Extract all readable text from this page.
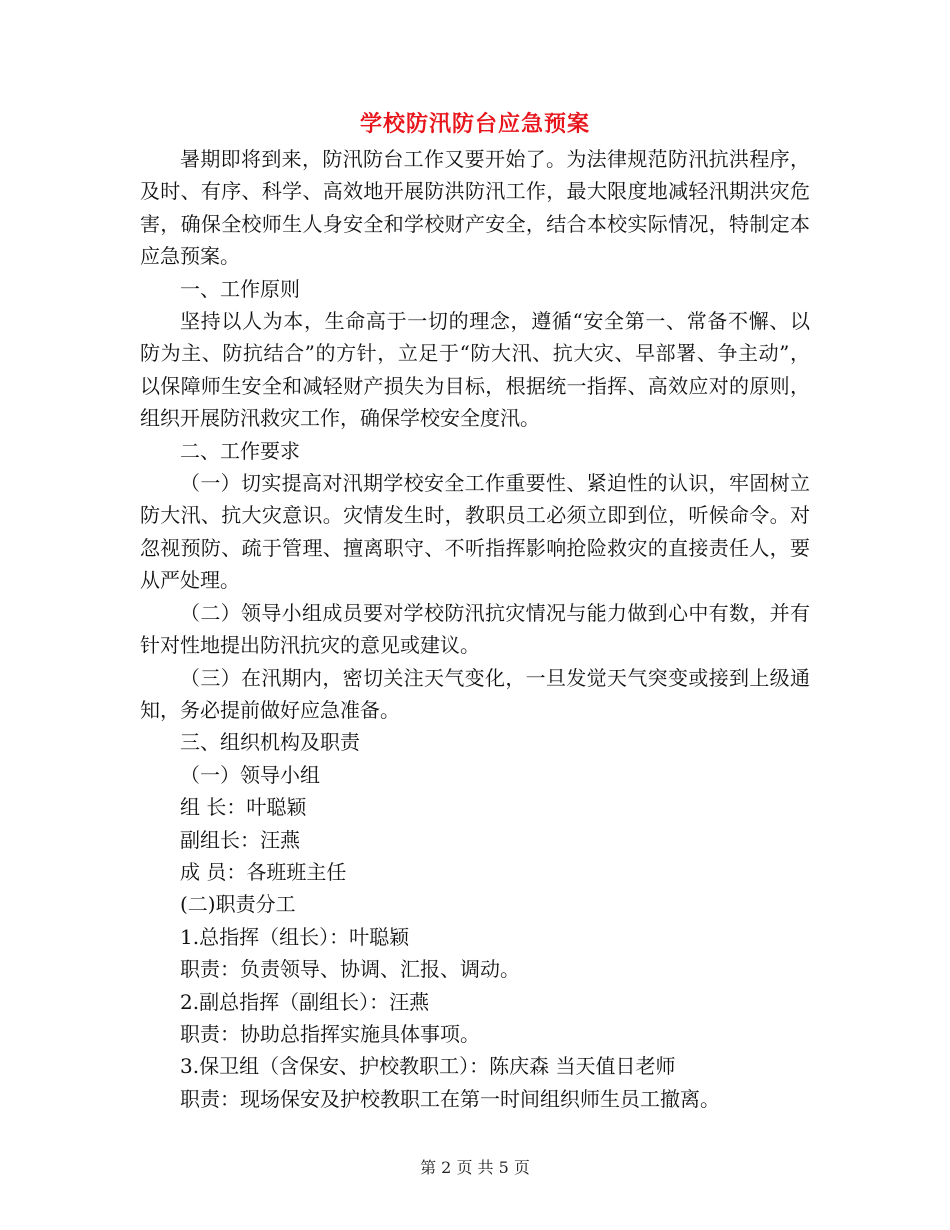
学校防汛防台应急预案

暑期即将到来，防汛防台工作又要开始了。为法律规范防汛抗洪程序，及时、有序、科学、高效地开展防洪防汛工作，最大限度地减轻汛期洪灾危害，确保全校师生人身安全和学校财产安全，结合本校实际情况，特制定本应急预案。

一、工作原则

坚持以人为本，生命高于一切的理念，遵循“安全第一、常备不懈、以防为主、防抗结合”的方针，立足于“防大汛、抗大灾、早部署、争主动”，以保障师生安全和减轻财产损失为目标，根据统一指挥、高效应对的原则，组织开展防汛救灾工作，确保学校安全度汛。

二、工作要求

（一）切实提高对汛期学校安全工作重要性、紧迫性的认识，牢固树立防大汛、抗大灾意识。灾情发生时，教职员工必须立即到位，听候命令。对忽视预防、疏于管理、擅离职守、不听指挥影响抢险救灾的直接责任人，要从严处理。

（二）领导小组成员要对学校防汛抗灾情况与能力做到心中有数，并有针对性地提出防汛抗灾的意见或建议。

（三）在汛期内，密切关注天气变化，一旦发觉天气突变或接到上级通知，务必提前做好应急准备。

三、组织机构及职责

（一）领导小组

组 长：叶聪颖

副组长：汪燕

成 员：各班班主任

(二)职责分工

1.总指挥（组长）：叶聪颖

职责：负责领导、协调、汇报、调动。

2.副总指挥（副组长）：汪燕

职责：协助总指挥实施具体事项。

3.保卫组（含保安、护校教职工）：陈庆森 当天值日老师

职责：现场保安及护校教职工在第一时间组织师生员工撤离。

第 2 页 共 5 页
